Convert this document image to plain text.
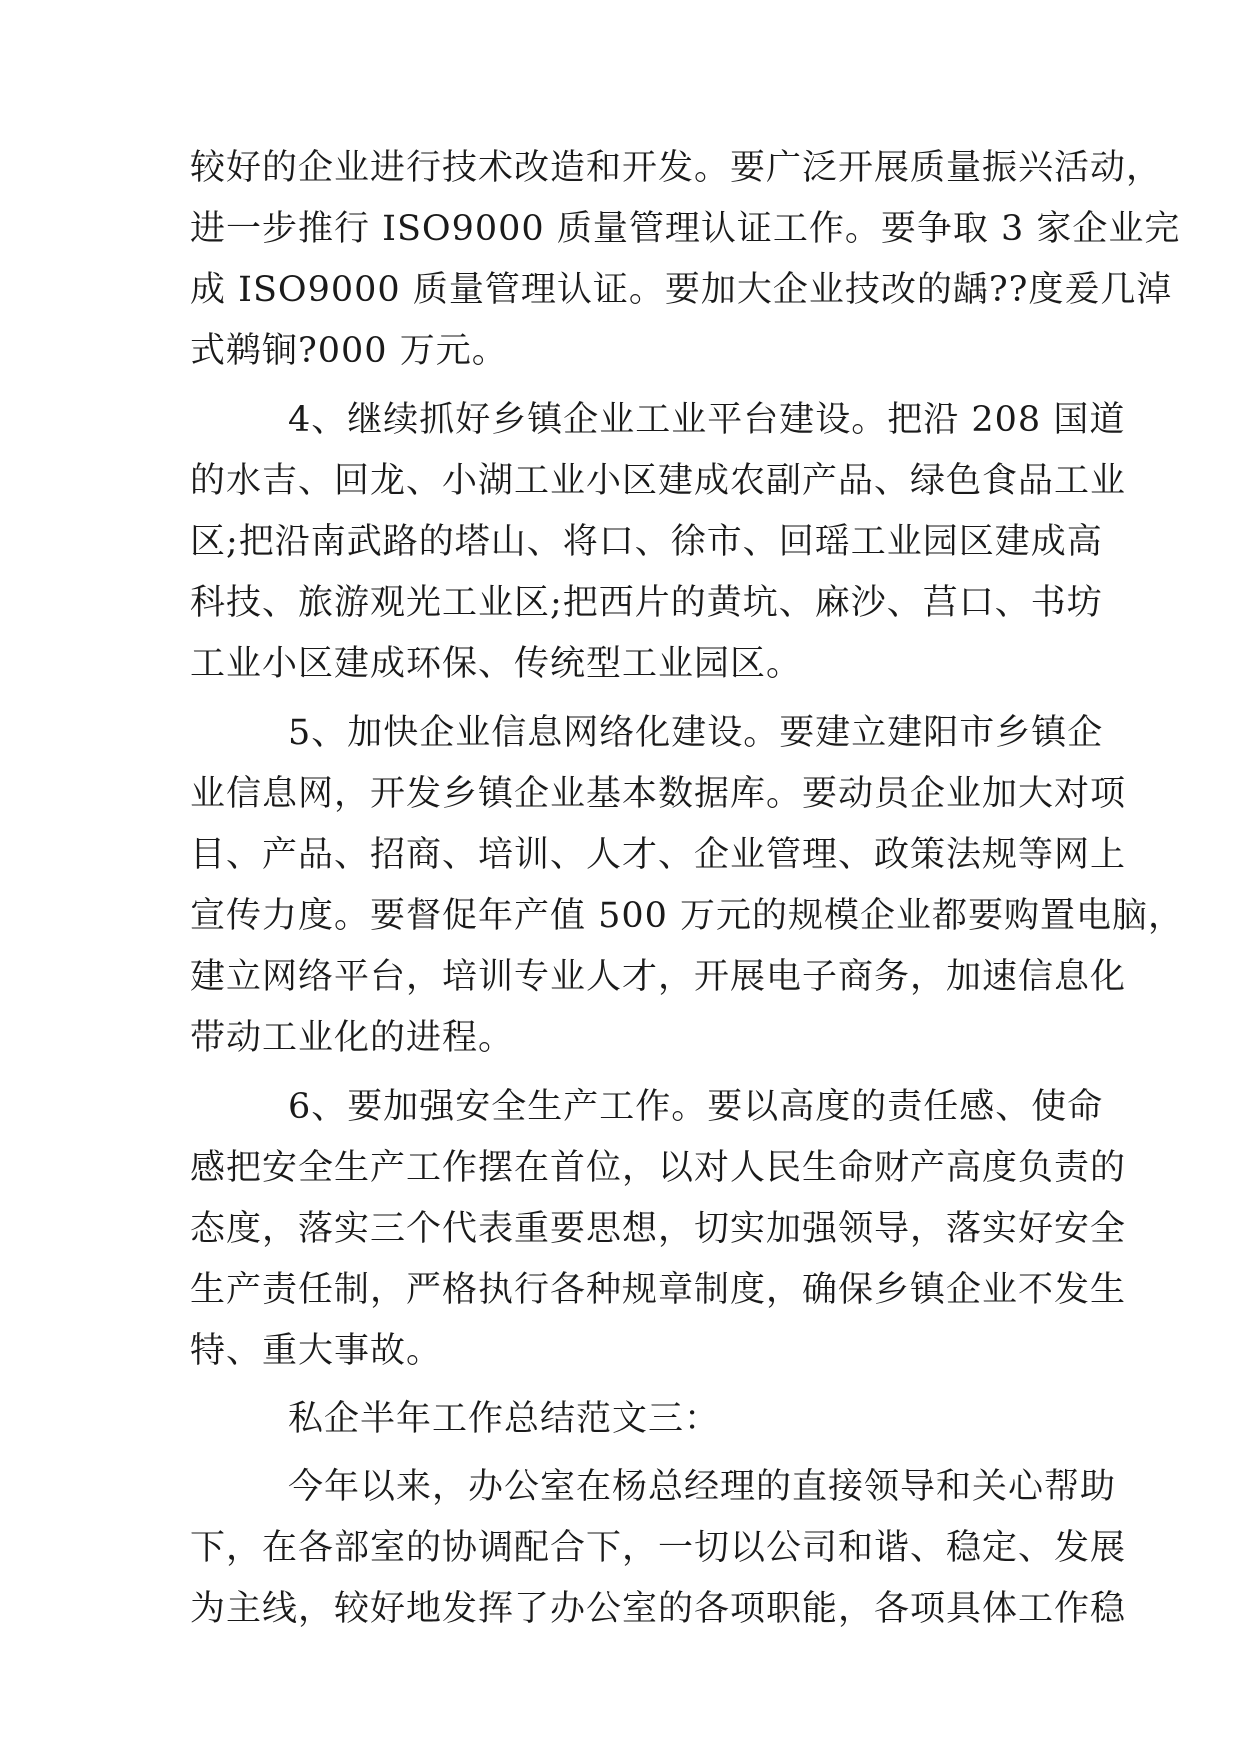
较好的企业进行技术改造和开发。要广泛开展质量振兴活动，
进一步推行 ISO9000 质量管理认证工作。要争取 3 家企业完
成 ISO9000 质量管理认证。要加大企业技改的龋??度爰几淖
式鹈锏?000 万元。
4、继续抓好乡镇企业工业平台建设。把沿 208 国道
的水吉、回龙、小湖工业小区建成农副产品、绿色食品工业
区;把沿南武路的塔山、将口、徐市、回瑶工业园区建成高
科技、旅游观光工业区;把西片的黄坑、麻沙、莒口、书坊
工业小区建成环保、传统型工业园区。
5、加快企业信息网络化建设。要建立建阳市乡镇企
业信息网，开发乡镇企业基本数据库。要动员企业加大对项
目、产品、招商、培训、人才、企业管理、政策法规等网上
宣传力度。要督促年产值 500 万元的规模企业都要购置电脑，
建立网络平台，培训专业人才，开展电子商务，加速信息化
带动工业化的进程。
6、要加强安全生产工作。要以高度的责任感、使命
感把安全生产工作摆在首位，以对人民生命财产高度负责的
态度，落实三个代表重要思想，切实加强领导，落实好安全
生产责任制，严格执行各种规章制度，确保乡镇企业不发生
特、重大事故。
私企半年工作总结范文三：
今年以来，办公室在杨总经理的直接领导和关心帮助
下，在各部室的协调配合下，一切以公司和谐、稳定、发展
为主线，较好地发挥了办公室的各项职能，各项具体工作稳
